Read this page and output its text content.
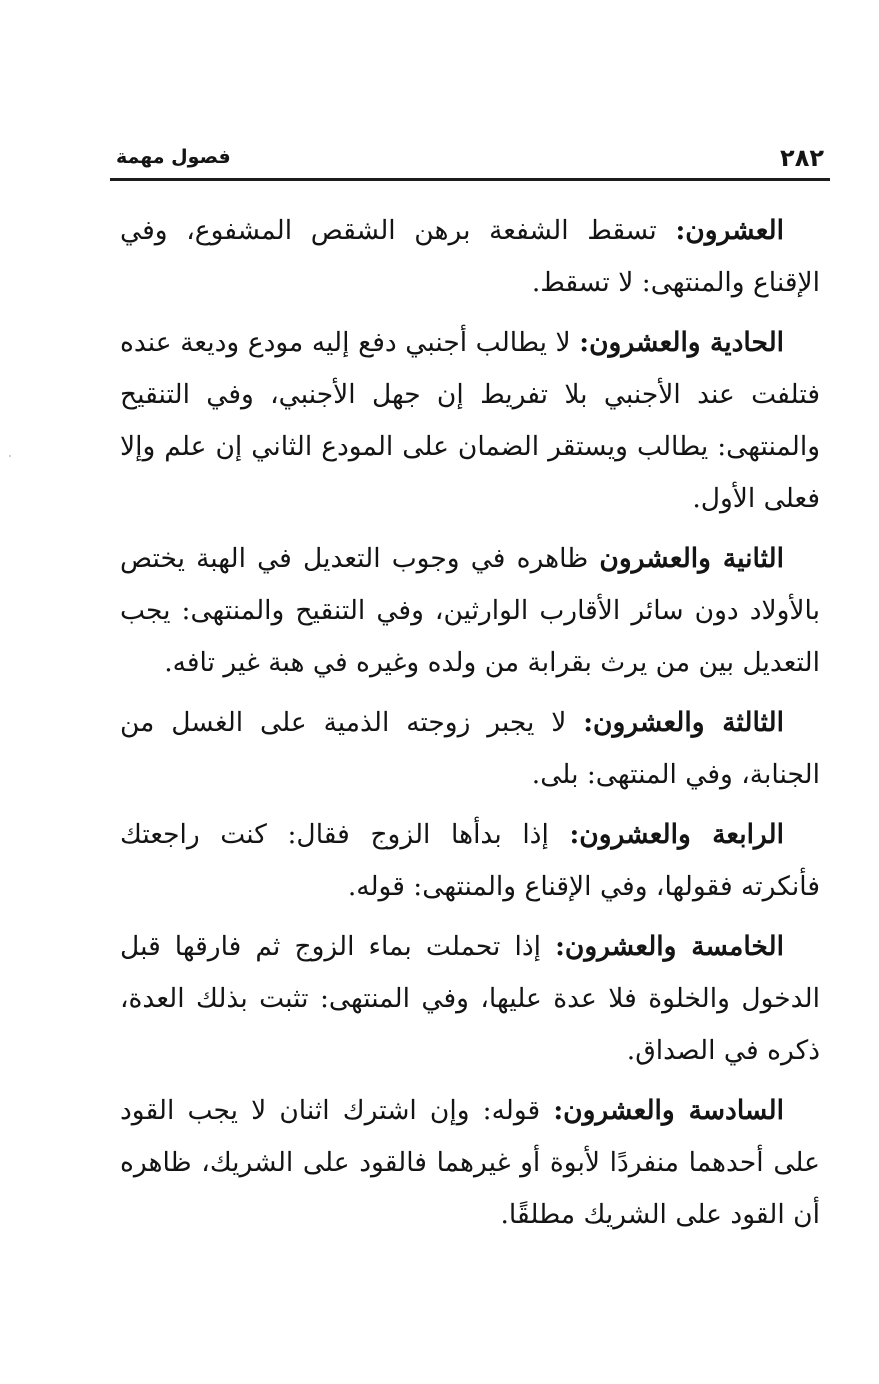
٢٨٢
فصول مهمة

العشرون: تسقط الشفعة برهن الشقص المشفوع، وفي الإقناع والمنتهى: لا تسقط.

الحادية والعشرون: لا يطالب أجنبي دفع إليه مودع وديعة عنده فتلفت عند الأجنبي بلا تفريط إن جهل الأجنبي، وفي التنقيح والمنتهى: يطالب ويستقر الضمان على المودع الثاني إن علم وإلا فعلى الأول.

الثانية والعشرون ظاهره في وجوب التعديل في الهبة يختص بالأولاد دون سائر الأقارب الوارثين، وفي التنقيح والمنتهى: يجب التعديل بين من يرث بقرابة من ولده وغيره في هبة غير تافه.

الثالثة والعشرون: لا يجبر زوجته الذمية على الغسل من الجنابة، وفي المنتهى: بلى.

الرابعة والعشرون: إذا بدأها الزوج فقال: كنت راجعتك فأنكرته فقولها، وفي الإقناع والمنتهى: قوله.

الخامسة والعشرون: إذا تحملت بماء الزوج ثم فارقها قبل الدخول والخلوة فلا عدة عليها، وفي المنتهى: تثبت بذلك العدة، ذكره في الصداق.

السادسة والعشرون: قوله: وإن اشترك اثنان لا يجب القود على أحدهما منفردًا لأبوة أو غيرهما فالقود على الشريك، ظاهره أن القود على الشريك مطلقًا.
